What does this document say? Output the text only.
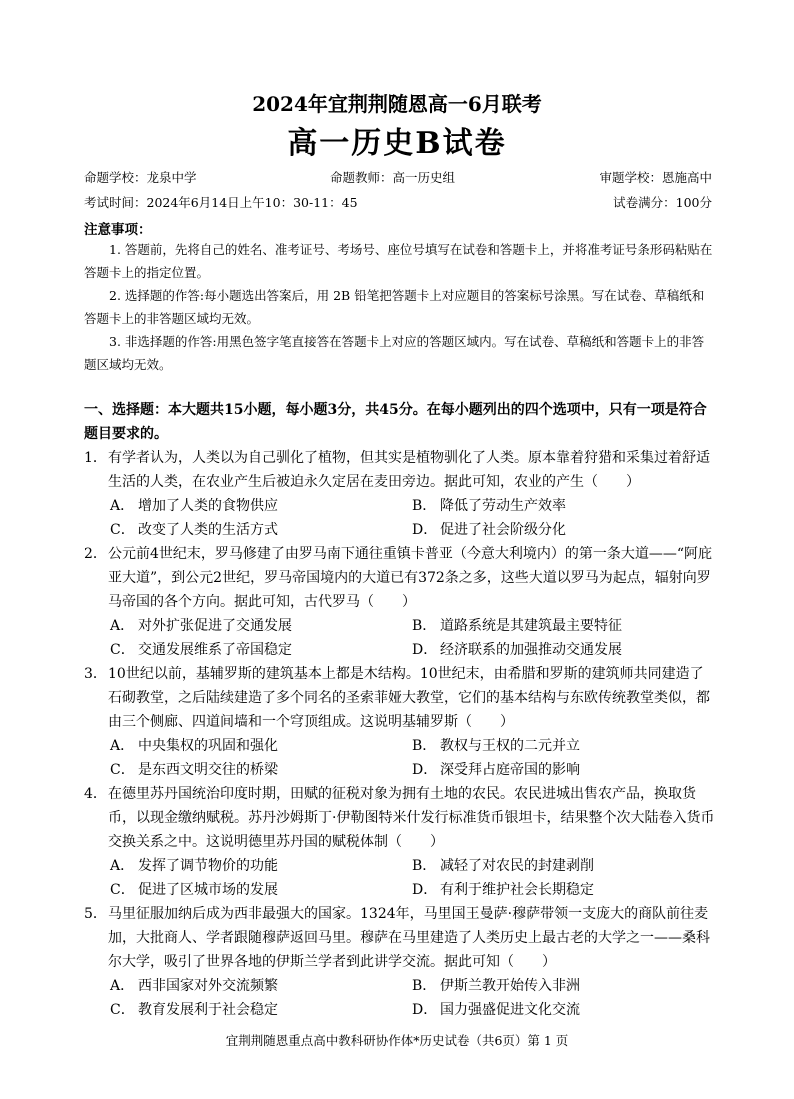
2024年宜荆荆随恩高一6月联考
高一历史B试卷
命题学校：龙泉中学	命题教师：高一历史组	审题学校：恩施高中
考试时间：2024年6月14日上午10：30-11：45	试卷满分：100分
注意事项：

1. 答题前，先将自己的姓名、准考证号、考场号、座位号填写在试卷和答题卡上，并将准考证号条形码粘贴在答题卡上的指定位置。

2. 选择题的作答:每小题选出答案后，用 2B 铅笔把答题卡上对应题目的答案标号涂黑。写在试卷、草稿纸和答题卡上的非答题区域均无效。

3. 非选择题的作答:用黑色签字笔直接答在答题卡上对应的答题区域内。写在试卷、草稿纸和答题卡上的非答题区域均无效。

一、选择题：本大题共15小题，每小题3分，共45分。在每小题列出的四个选项中，只有一项是符合题目要求的。
1． 有学者认为，人类以为自己驯化了植物，但其实是植物驯化了人类。原本靠着狩猎和采集过着舒适生活的人类，在农业产生后被迫永久定居在麦田旁边。据此可知，农业的产生（　　）
A． 增加了人类的食物供应	B． 降低了劳动生产效率
C． 改变了人类的生活方式	D． 促进了社会阶级分化
2． 公元前4世纪末，罗马修建了由罗马南下通往重镇卡普亚（今意大利境内）的第一条大道——“阿庇亚大道”，到公元2世纪，罗马帝国境内的大道已有372条之多，这些大道以罗马为起点，辐射向罗马帝国的各个方向。据此可知，古代罗马（　　）
A． 对外扩张促进了交通发展	B． 道路系统是其建筑最主要特征
C． 交通发展维系了帝国稳定	D． 经济联系的加强推动交通发展
3． 10世纪以前，基辅罗斯的建筑基本上都是木结构。10世纪末，由希腊和罗斯的建筑师共同建造了石砌教堂，之后陆续建造了多个同名的圣索菲娅大教堂，它们的基本结构与东欧传统教堂类似，都由三个侧廊、四道间墙和一个穹顶组成。这说明基辅罗斯（　　）
A． 中央集权的巩固和强化	B． 教权与王权的二元并立
C． 是东西文明交往的桥梁	D． 深受拜占庭帝国的影响
4． 在德里苏丹国统治印度时期，田赋的征税对象为拥有土地的农民。农民进城出售农产品，换取货币，以现金缴纳赋税。苏丹沙姆斯丁·伊勒图特米什发行标准货币银坦卡，结果整个次大陆卷入货币交换关系之中。这说明德里苏丹国的赋税体制（　　）
A． 发挥了调节物价的功能	B． 减轻了对农民的封建剥削
C． 促进了区城市场的发展	D． 有利于维护社会长期稳定
5． 马里征服加纳后成为西非最强大的国家。1324年，马里国王曼萨·穆萨带领一支庞大的商队前往麦加，大批商人、学者跟随穆萨返回马里。穆萨在马里建造了人类历史上最古老的大学之一——桑科尔大学，吸引了世界各地的伊斯兰学者到此讲学交流。据此可知（　　）
A． 西非国家对外交流频繁	B． 伊斯兰教开始传入非洲
C． 教育发展利于社会稳定	D． 国力强盛促进文化交流
宜荆荆随恩重点高中教科研协作体*历史试卷（共6页）第 1 页
